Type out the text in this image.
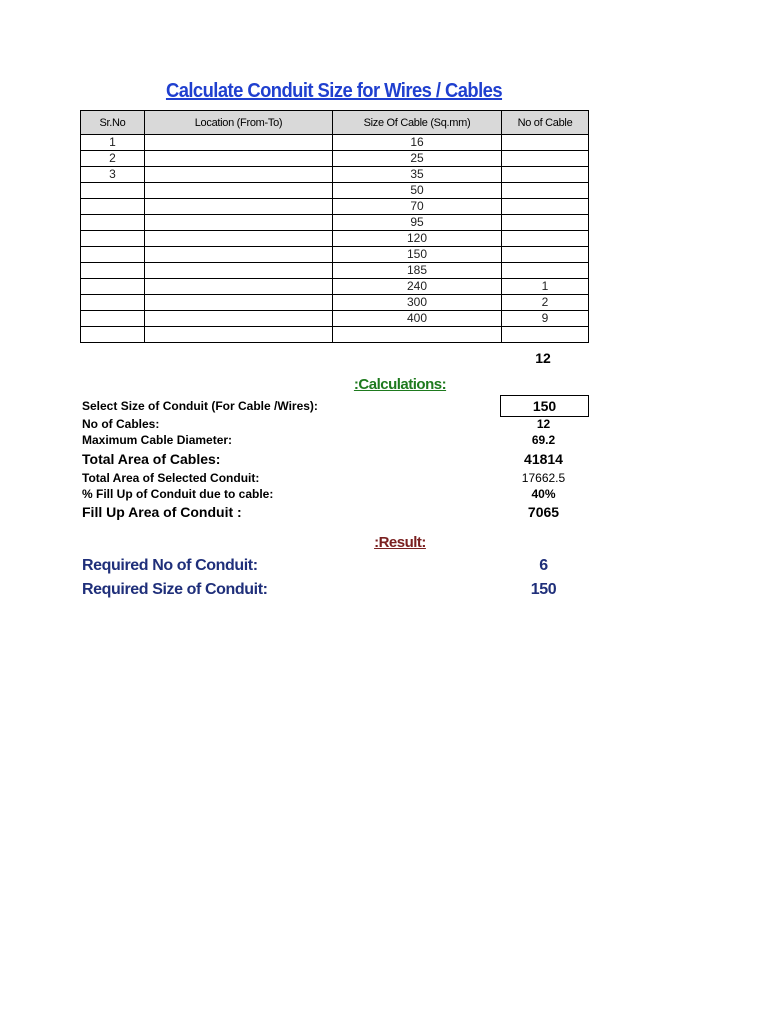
Calculate Conduit Size for Wires / Cables
Sr.No	Location (From-To)	Size Of Cable (Sq.mm)	No of Cable
1		16	
2		25	
3		35	
		50	
		70	
		95	
		120	
		150	
		185	
		240	1
		300	2
		400	9

12
:Calculations:
Select Size of Conduit (For Cable /Wires):	150
No of Cables:	12
Maximum Cable Diameter:	69.2
Total Area of Cables:	41814
Total Area of Selected Conduit:	17662.5
% Fill Up of Conduit due to cable:	40%
Fill Up Area of Conduit :	7065
:Result:
Required No of Conduit:	6
Required Size of Conduit:	150
